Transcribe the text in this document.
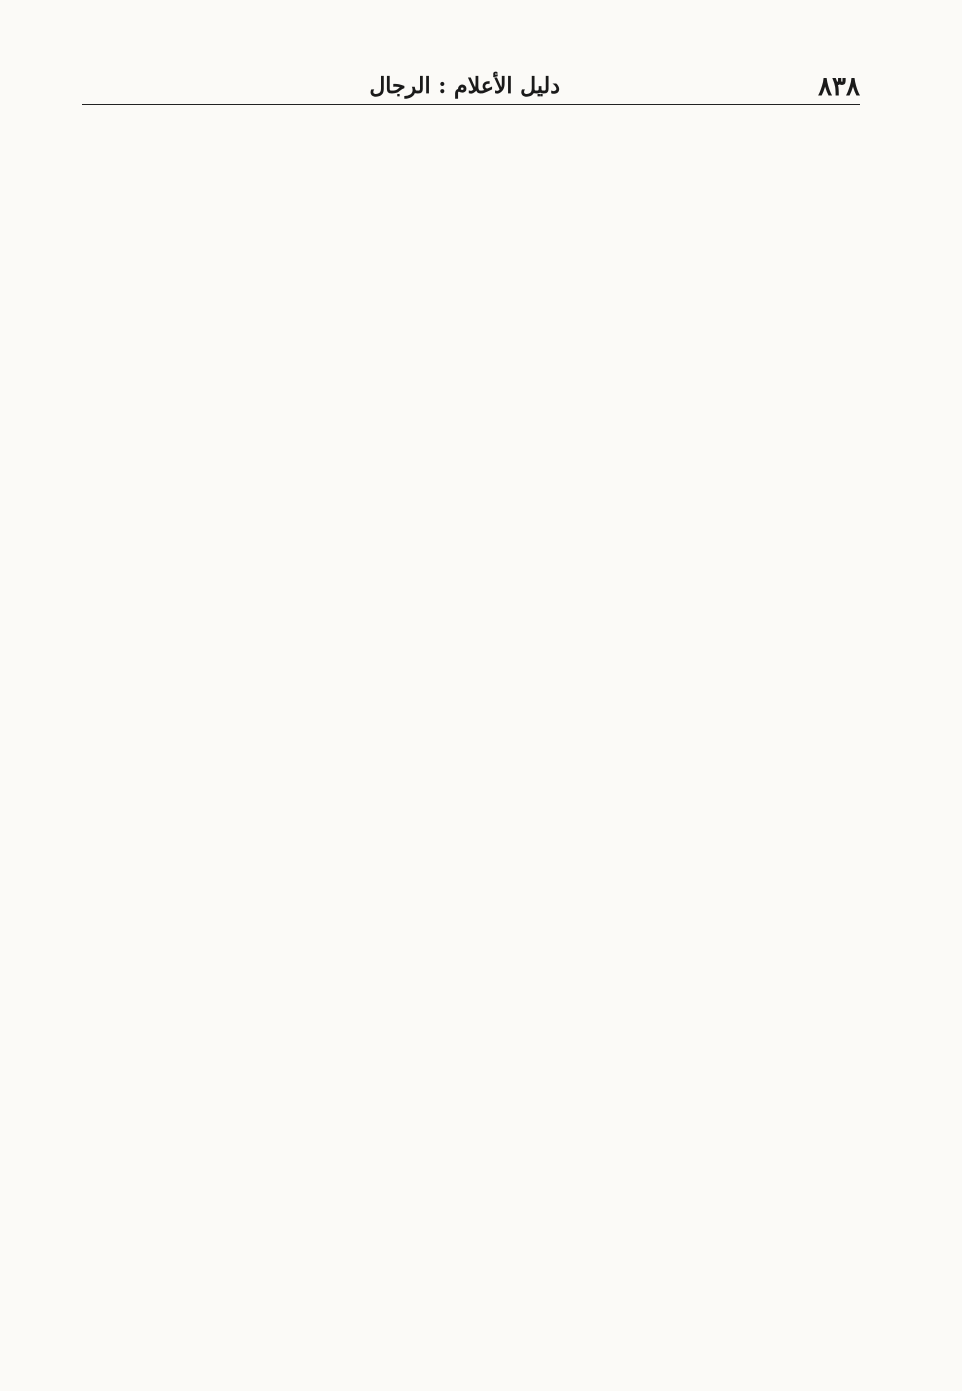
٨٣٨
دليل الأعلام : الرجال
